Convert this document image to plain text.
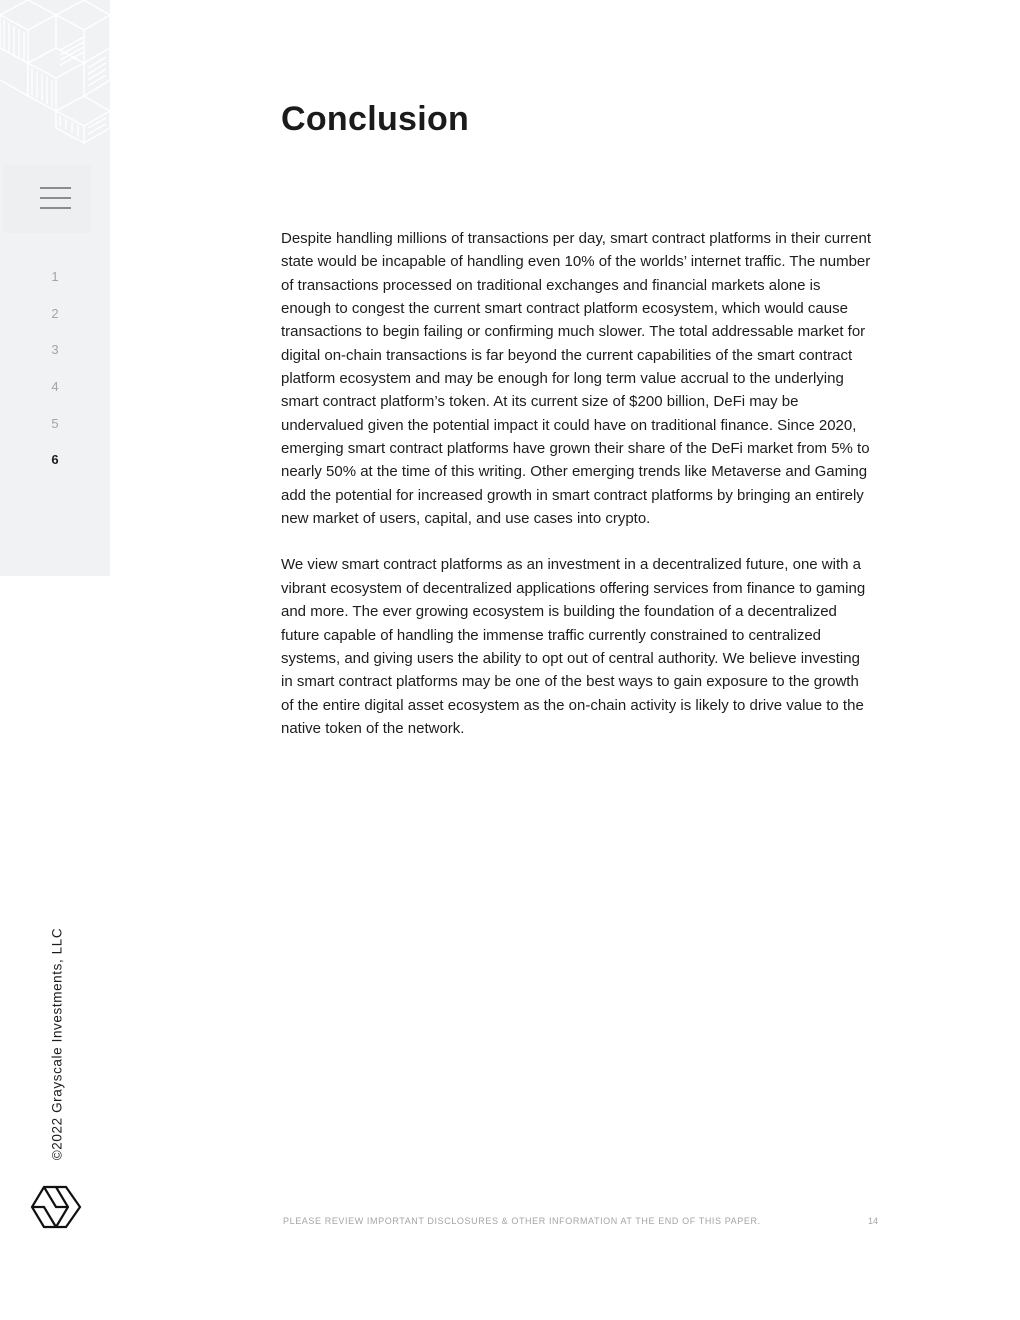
1
2
3
4
5
6
©2022 Grayscale Investments, LLC
Conclusion

Despite handling millions of transactions per day, smart contract platforms in their current state would be incapable of handling even 10% of the worlds’ internet traffic. The number of transactions processed on traditional exchanges and financial markets alone is enough to congest the current smart contract platform ecosystem, which would cause transactions to begin failing or confirming much slower. The total addressable market for digital on-chain transactions is far beyond the current capabilities of the smart contract platform ecosystem and may be enough for long term value accrual to the underlying smart contract platform’s token. At its current size of $200 billion, DeFi may be undervalued given the potential impact it could have on traditional finance. Since 2020, emerging smart contract platforms have grown their share of the DeFi market from 5% to nearly 50% at the time of this writing. Other emerging trends like Metaverse and Gaming add the potential for increased growth in smart contract platforms by bringing an entirely new market of users, capital, and use cases into crypto.

We view smart contract platforms as an investment in a decentralized future, one with a vibrant ecosystem of decentralized applications offering services from finance to gaming and more. The ever growing ecosystem is building the foundation of a decentralized future capable of handling the immense traffic currently constrained to centralized systems, and giving users the ability to opt out of central authority. We believe investing in smart contract platforms may be one of the best ways to gain exposure to the growth of the entire digital asset ecosystem as the on-chain activity is likely to drive value to the native token of the network.

PLEASE REVIEW IMPORTANT DISCLOSURES & OTHER INFORMATION AT THE END OF THIS PAPER.	14
